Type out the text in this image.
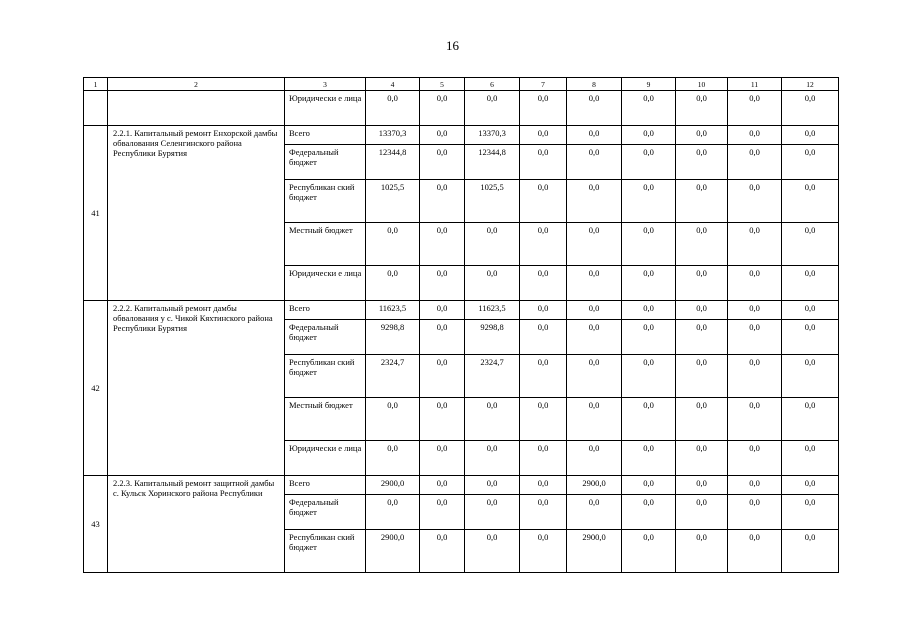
16
1	2	3	4	5	6	7	8	9	10	11	12
		Юридически е лица	0,0	0,0	0,0	0,0	0,0	0,0	0,0	0,0	0,0
41	2.2.1. Капитальный ремонт Енхорской дамбы обвалования Селенгинского района Республики Бурятия	Всего	13370,3	0,0	13370,3	0,0	0,0	0,0	0,0	0,0	0,0
		Федеральный бюджет	12344,8	0,0	12344,8	0,0	0,0	0,0	0,0	0,0	0,0
		Республикан ский бюджет	1025,5	0,0	1025,5	0,0	0,0	0,0	0,0	0,0	0,0
		Местный бюджет	0,0	0,0	0,0	0,0	0,0	0,0	0,0	0,0	0,0
		Юридически е лица	0,0	0,0	0,0	0,0	0,0	0,0	0,0	0,0	0,0
42	2.2.2. Капитальный ремонт дамбы обвалования у с. Чикой Кяхтинского района Республики Бурятия	Всего	11623,5	0,0	11623,5	0,0	0,0	0,0	0,0	0,0	0,0
		Федеральный бюджет	9298,8	0,0	9298,8	0,0	0,0	0,0	0,0	0,0	0,0
		Республикан ский бюджет	2324,7	0,0	2324,7	0,0	0,0	0,0	0,0	0,0	0,0
		Местный бюджет	0,0	0,0	0,0	0,0	0,0	0,0	0,0	0,0	0,0
		Юридически е лица	0,0	0,0	0,0	0,0	0,0	0,0	0,0	0,0	0,0
43	2.2.3. Капитальный ремонт защитной дамбы с. Кульск Хоринского района Республики	Всего	2900,0	0,0	0,0	0,0	2900,0	0,0	0,0	0,0	0,0
		Федеральный бюджет	0,0	0,0	0,0	0,0	0,0	0,0	0,0	0,0	0,0
		Республикан ский бюджет	2900,0	0,0	0,0	0,0	2900,0	0,0	0,0	0,0	0,0
